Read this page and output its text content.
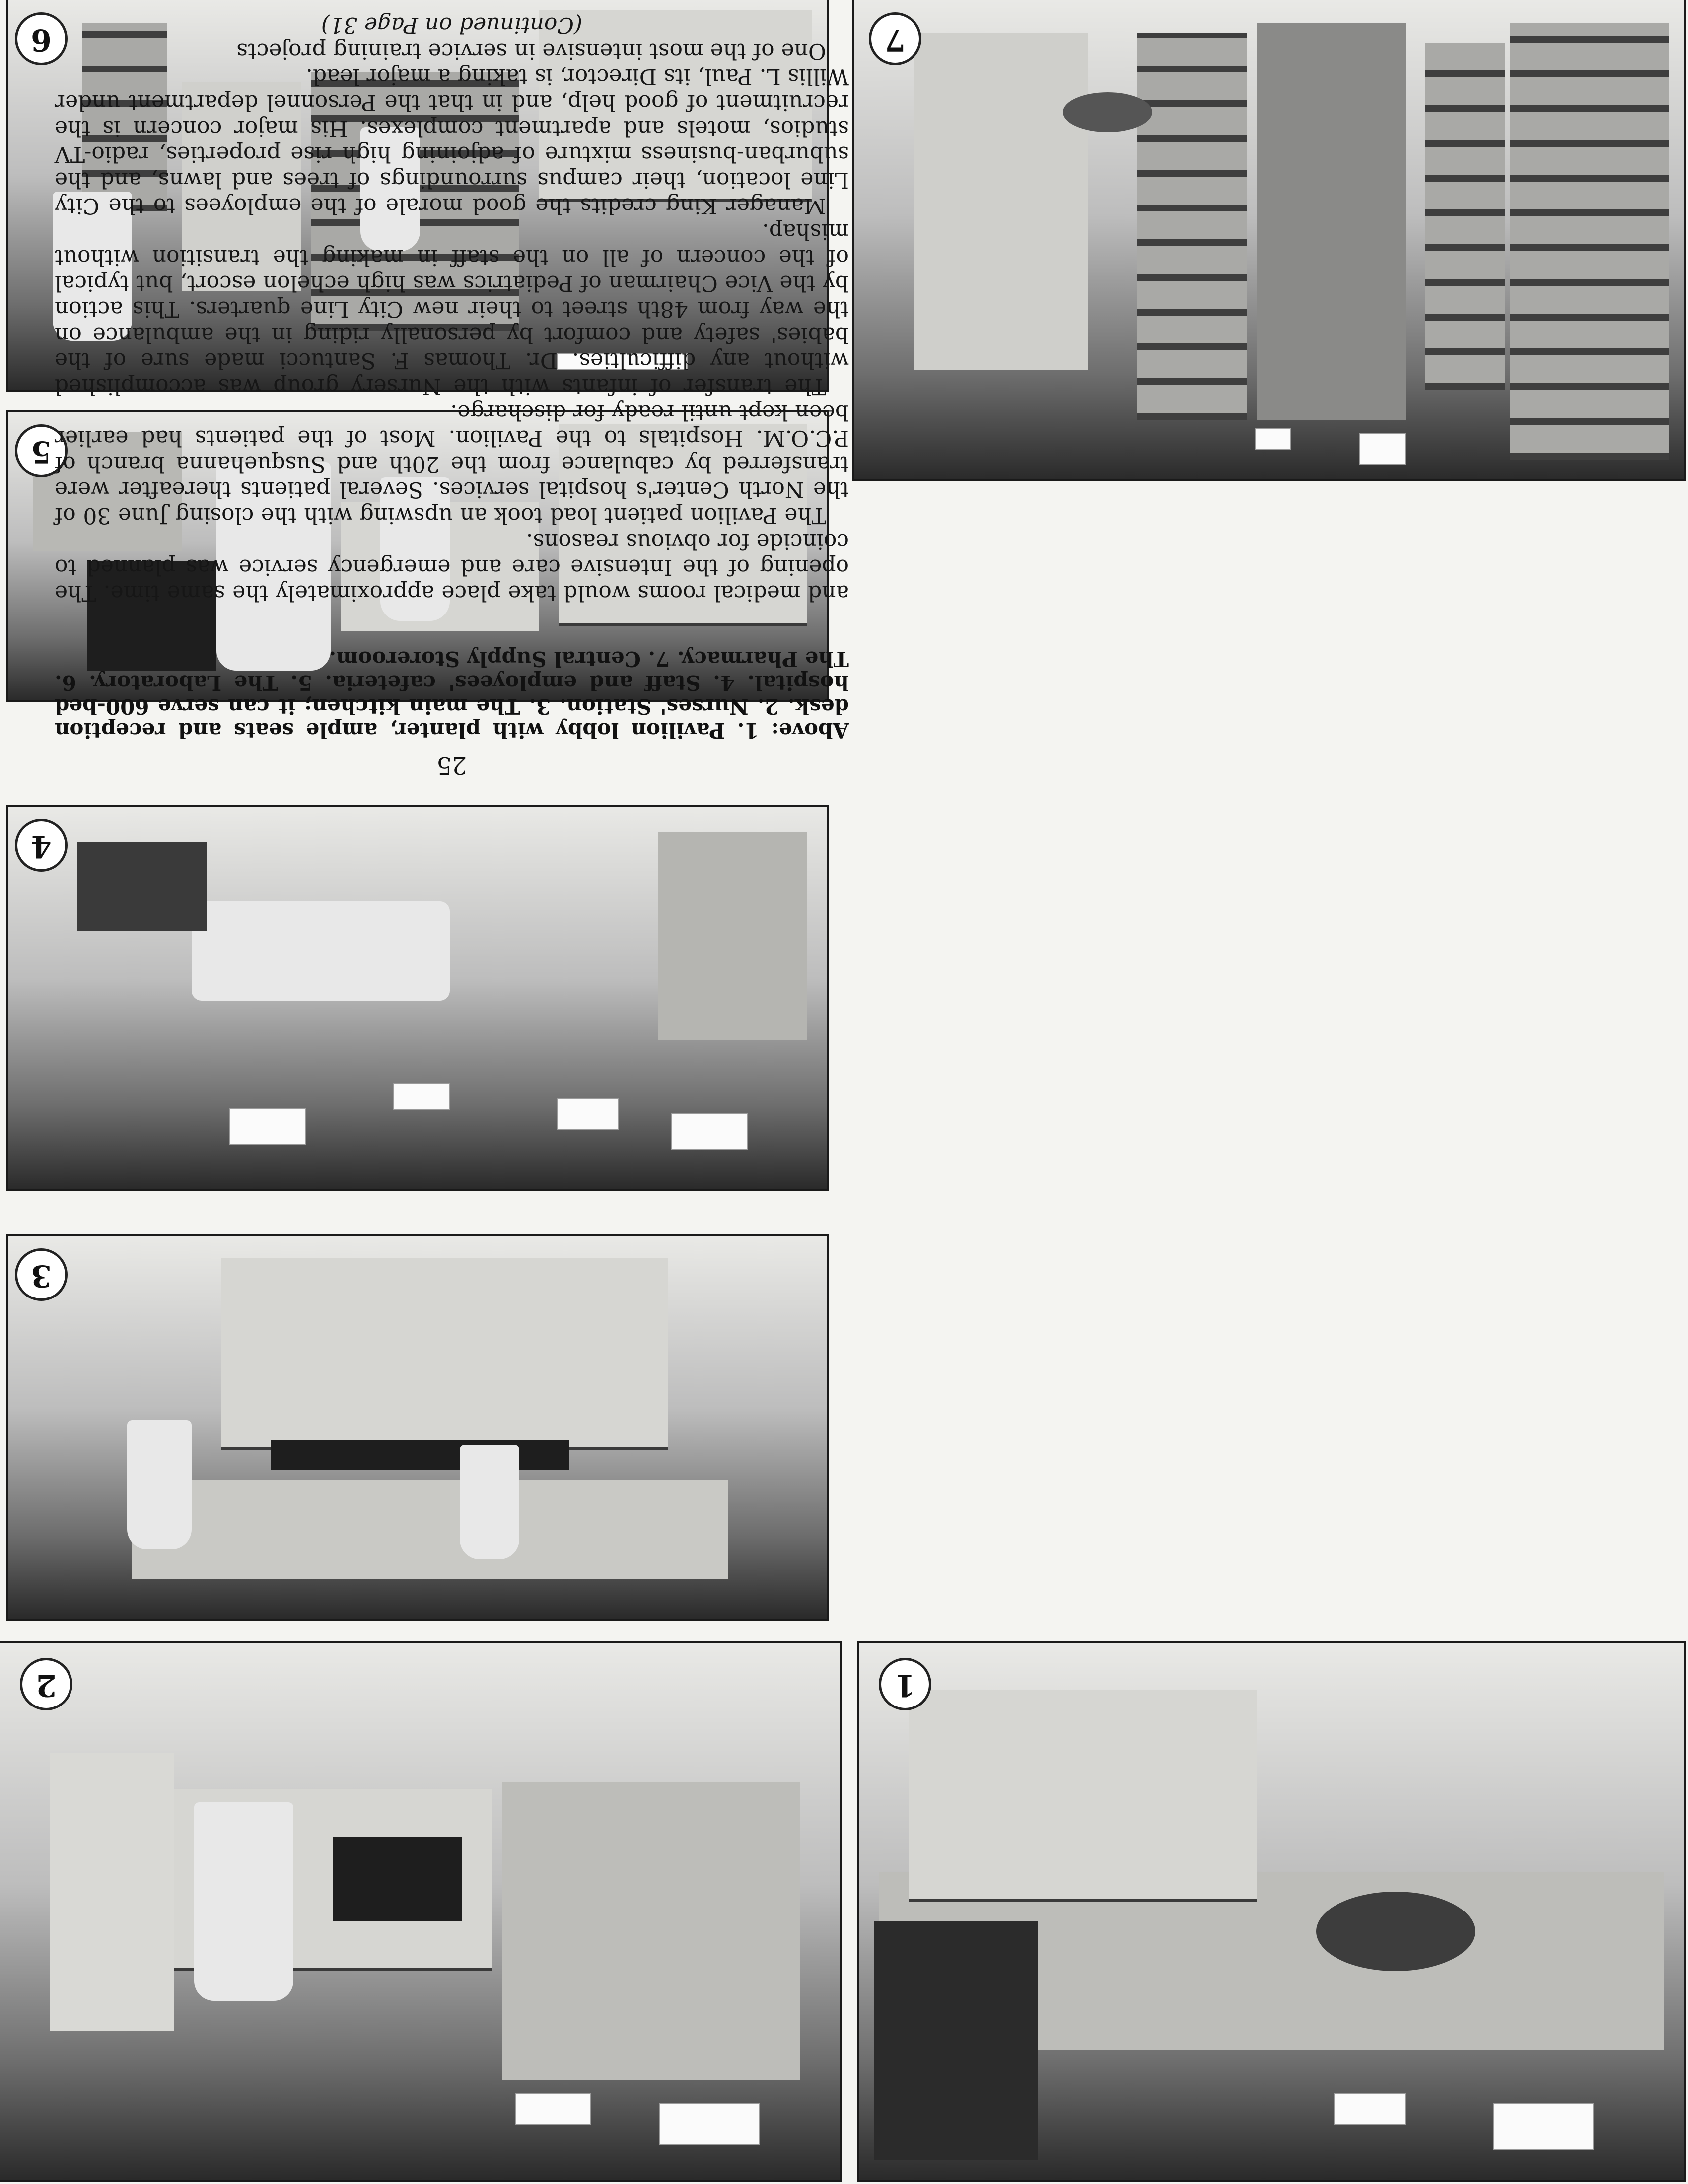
7
6
5
4
3
2	1
25
Above: 1. Pavilion lobby with planter, ample seats and reception desk. 2. Nurses' Station. 3. The main kitchen; it can serve 600-bed hospital. 4. Staff and employees' cafeteria. 5. The Laboratory. 6. The Pharmacy. 7. Central Supply Storeroom.

and medical rooms would take place approximately the same time. The opening of the Intensive care and emergency service was planned to coincide for obvious reasons.

The Pavilion patient load took an upswing with the closing June 30 of the North Center's hospital services. Several patients thereafter were transferred by cabulance from the 20th and Susquehanna branch of P.C.O.M. Hospitals to the Pavilion. Most of the patients had earlier been kept until ready for discharge.

The transfer of infants with the Nursery group was accomplished without any difficulties. Dr. Thomas F. Santucci made sure of the babies' safety and comfort by personally riding in the ambulance on the way from 48th street to their new City Line quarters. This action by the Vice Chairman of Pediatrics was high echelon escort, but typical of the concern of all on the staff in making the transition without mishap.

Manager King credits the good morale of the employees to the City Line location, their campus surroundings of trees and lawns, and the suburban-business mixture of adjoining high rise properties, radio-TV studios, motels and apartment complexes. His major concern is the recruitment of good help, and in that the Personnel department under Willis L. Paul, its Director, is taking a major lead.

One of the most intensive in service training projects

(Continued on Page 31)
